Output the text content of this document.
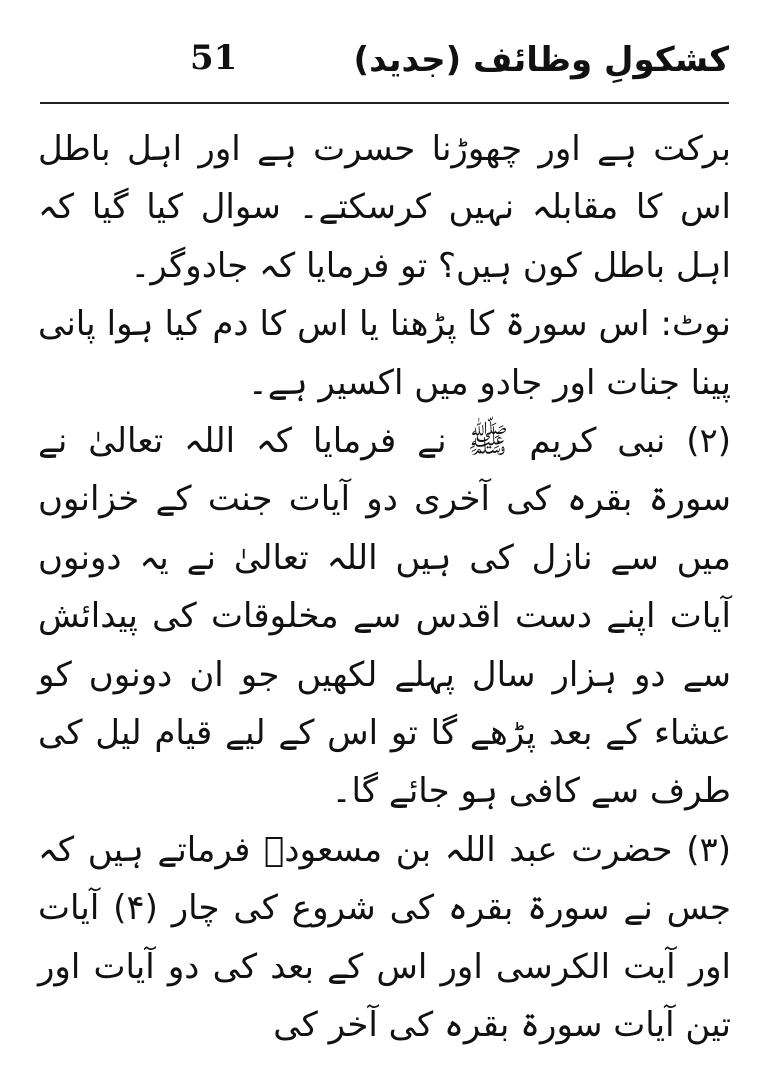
51	کشکولِ وظائف (جدید)

برکت ہے اور چھوڑنا حسرت ہے اور اہل باطل اس کا مقابلہ نہیں کرسکتے۔ سوال کیا گیا کہ اہل باطل کون ہیں؟ تو فرمایا کہ جادوگر۔

نوٹ: اس سورۃ کا پڑھنا یا اس کا دم کیا ہوا پانی پینا جنات اور جادو میں اکسیر ہے۔

(۲) نبی کریم ﷺ نے فرمایا کہ اللہ تعالیٰ نے سورۃ بقرہ کی آخری دو آیات جنت کے خزانوں میں سے نازل کی ہیں اللہ تعالیٰ نے یہ دونوں آیات اپنے دست اقدس سے مخلوقات کی پیدائش سے دو ہزار سال پہلے لکھیں جو ان دونوں کو عشاء کے بعد پڑھے گا تو اس کے لیے قیام لیل کی طرف سے کافی ہو جائے گا۔

(۳) حضرت عبد اللہ بن مسعودؓ فرماتے ہیں کہ جس نے سورۃ بقرہ کی شروع کی چار (۴) آیات اور آیت الکرسی اور اس کے بعد کی دو آیات اور تین آیات سورۃ بقرہ کی آخر کی
